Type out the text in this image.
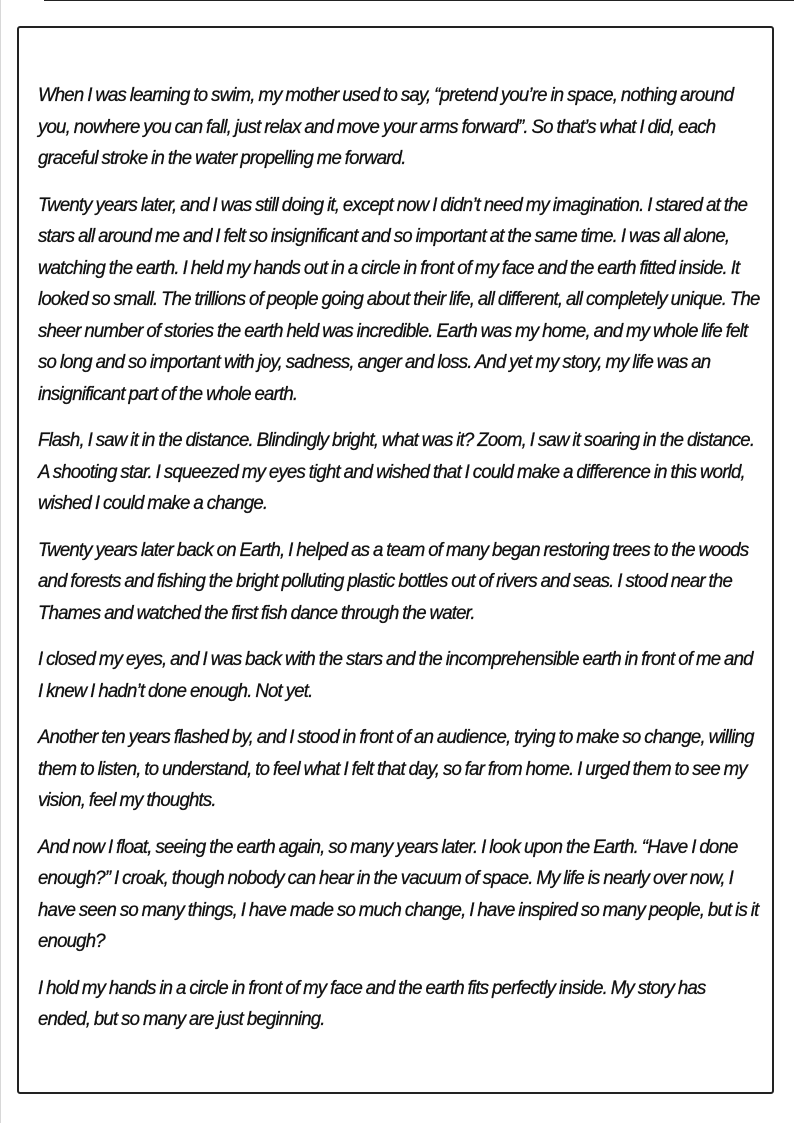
When I was learning to swim, my mother used to say, “pretend you’re in space, nothing around you, nowhere you can fall, just relax and move your arms forward”. So that’s what I did, each graceful stroke in the water propelling me forward.

Twenty years later, and I was still doing it, except now I didn’t need my imagination. I stared at the stars all around me and I felt so insignificant and so important at the same time. I was all alone, watching the earth. I held my hands out in a circle in front of my face and the earth fitted inside. It looked so small. The trillions of people going about their life, all different, all completely unique. The sheer number of stories the earth held was incredible. Earth was my home, and my whole life felt so long and so important with joy, sadness, anger and loss. And yet my story, my life was an insignificant part of the whole earth.

Flash, I saw it in the distance. Blindingly bright, what was it? Zoom, I saw it soaring in the distance. A shooting star. I squeezed my eyes tight and wished that I could make a difference in this world, wished I could make a change.

Twenty years later back on Earth, I helped as a team of many began restoring trees to the woods and forests and fishing the bright polluting plastic bottles out of rivers and seas. I stood near the Thames and watched the first fish dance through the water.

I closed my eyes, and I was back with the stars and the incomprehensible earth in front of me and I knew I hadn’t done enough. Not yet.

Another ten years flashed by, and I stood in front of an audience, trying to make so change, willing them to listen, to understand, to feel what I felt that day, so far from home. I urged them to see my vision, feel my thoughts.

And now I float, seeing the earth again, so many years later. I look upon the Earth. “Have I done enough?” I croak, though nobody can hear in the vacuum of space. My life is nearly over now, I have seen so many things, I have made so much change, I have inspired so many people, but is it enough?

I hold my hands in a circle in front of my face and the earth fits perfectly inside. My story has ended, but so many are just beginning.
